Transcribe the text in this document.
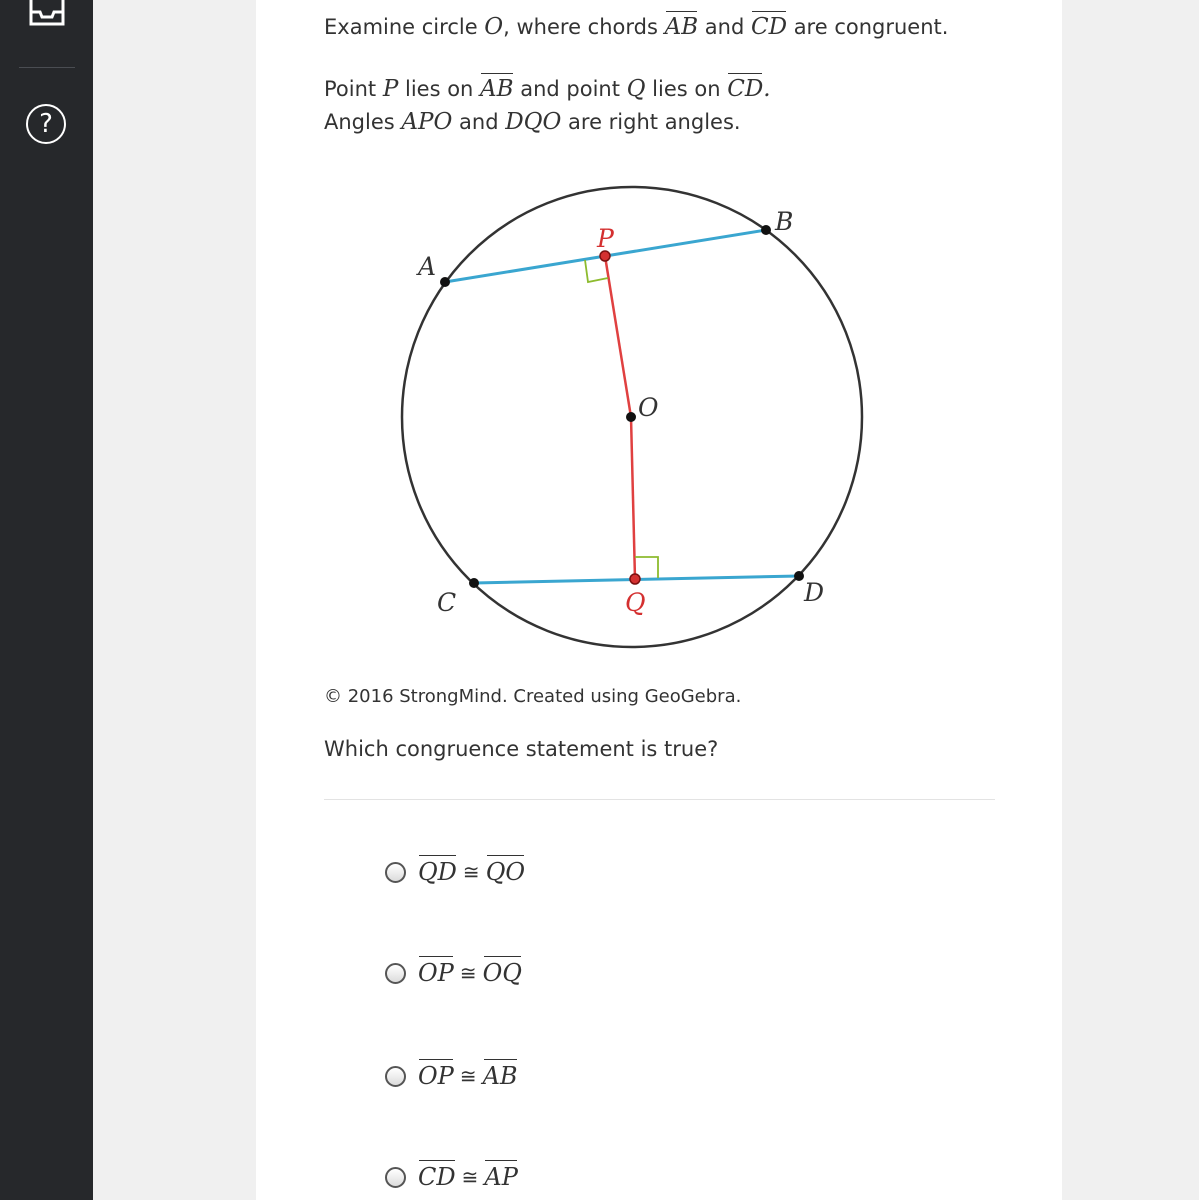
?
Examine circle O, where chords AB and CD are congruent.
Point P lies on AB and point Q lies on CD.
Angles APO and DQO are right angles.
A
B
P
O
C	Q	D
© 2016 StrongMind. Created using GeoGebra.
Which congruence statement is true?
QD ≅ QO
OP ≅ OQ
OP ≅ AB
CD ≅ AP
